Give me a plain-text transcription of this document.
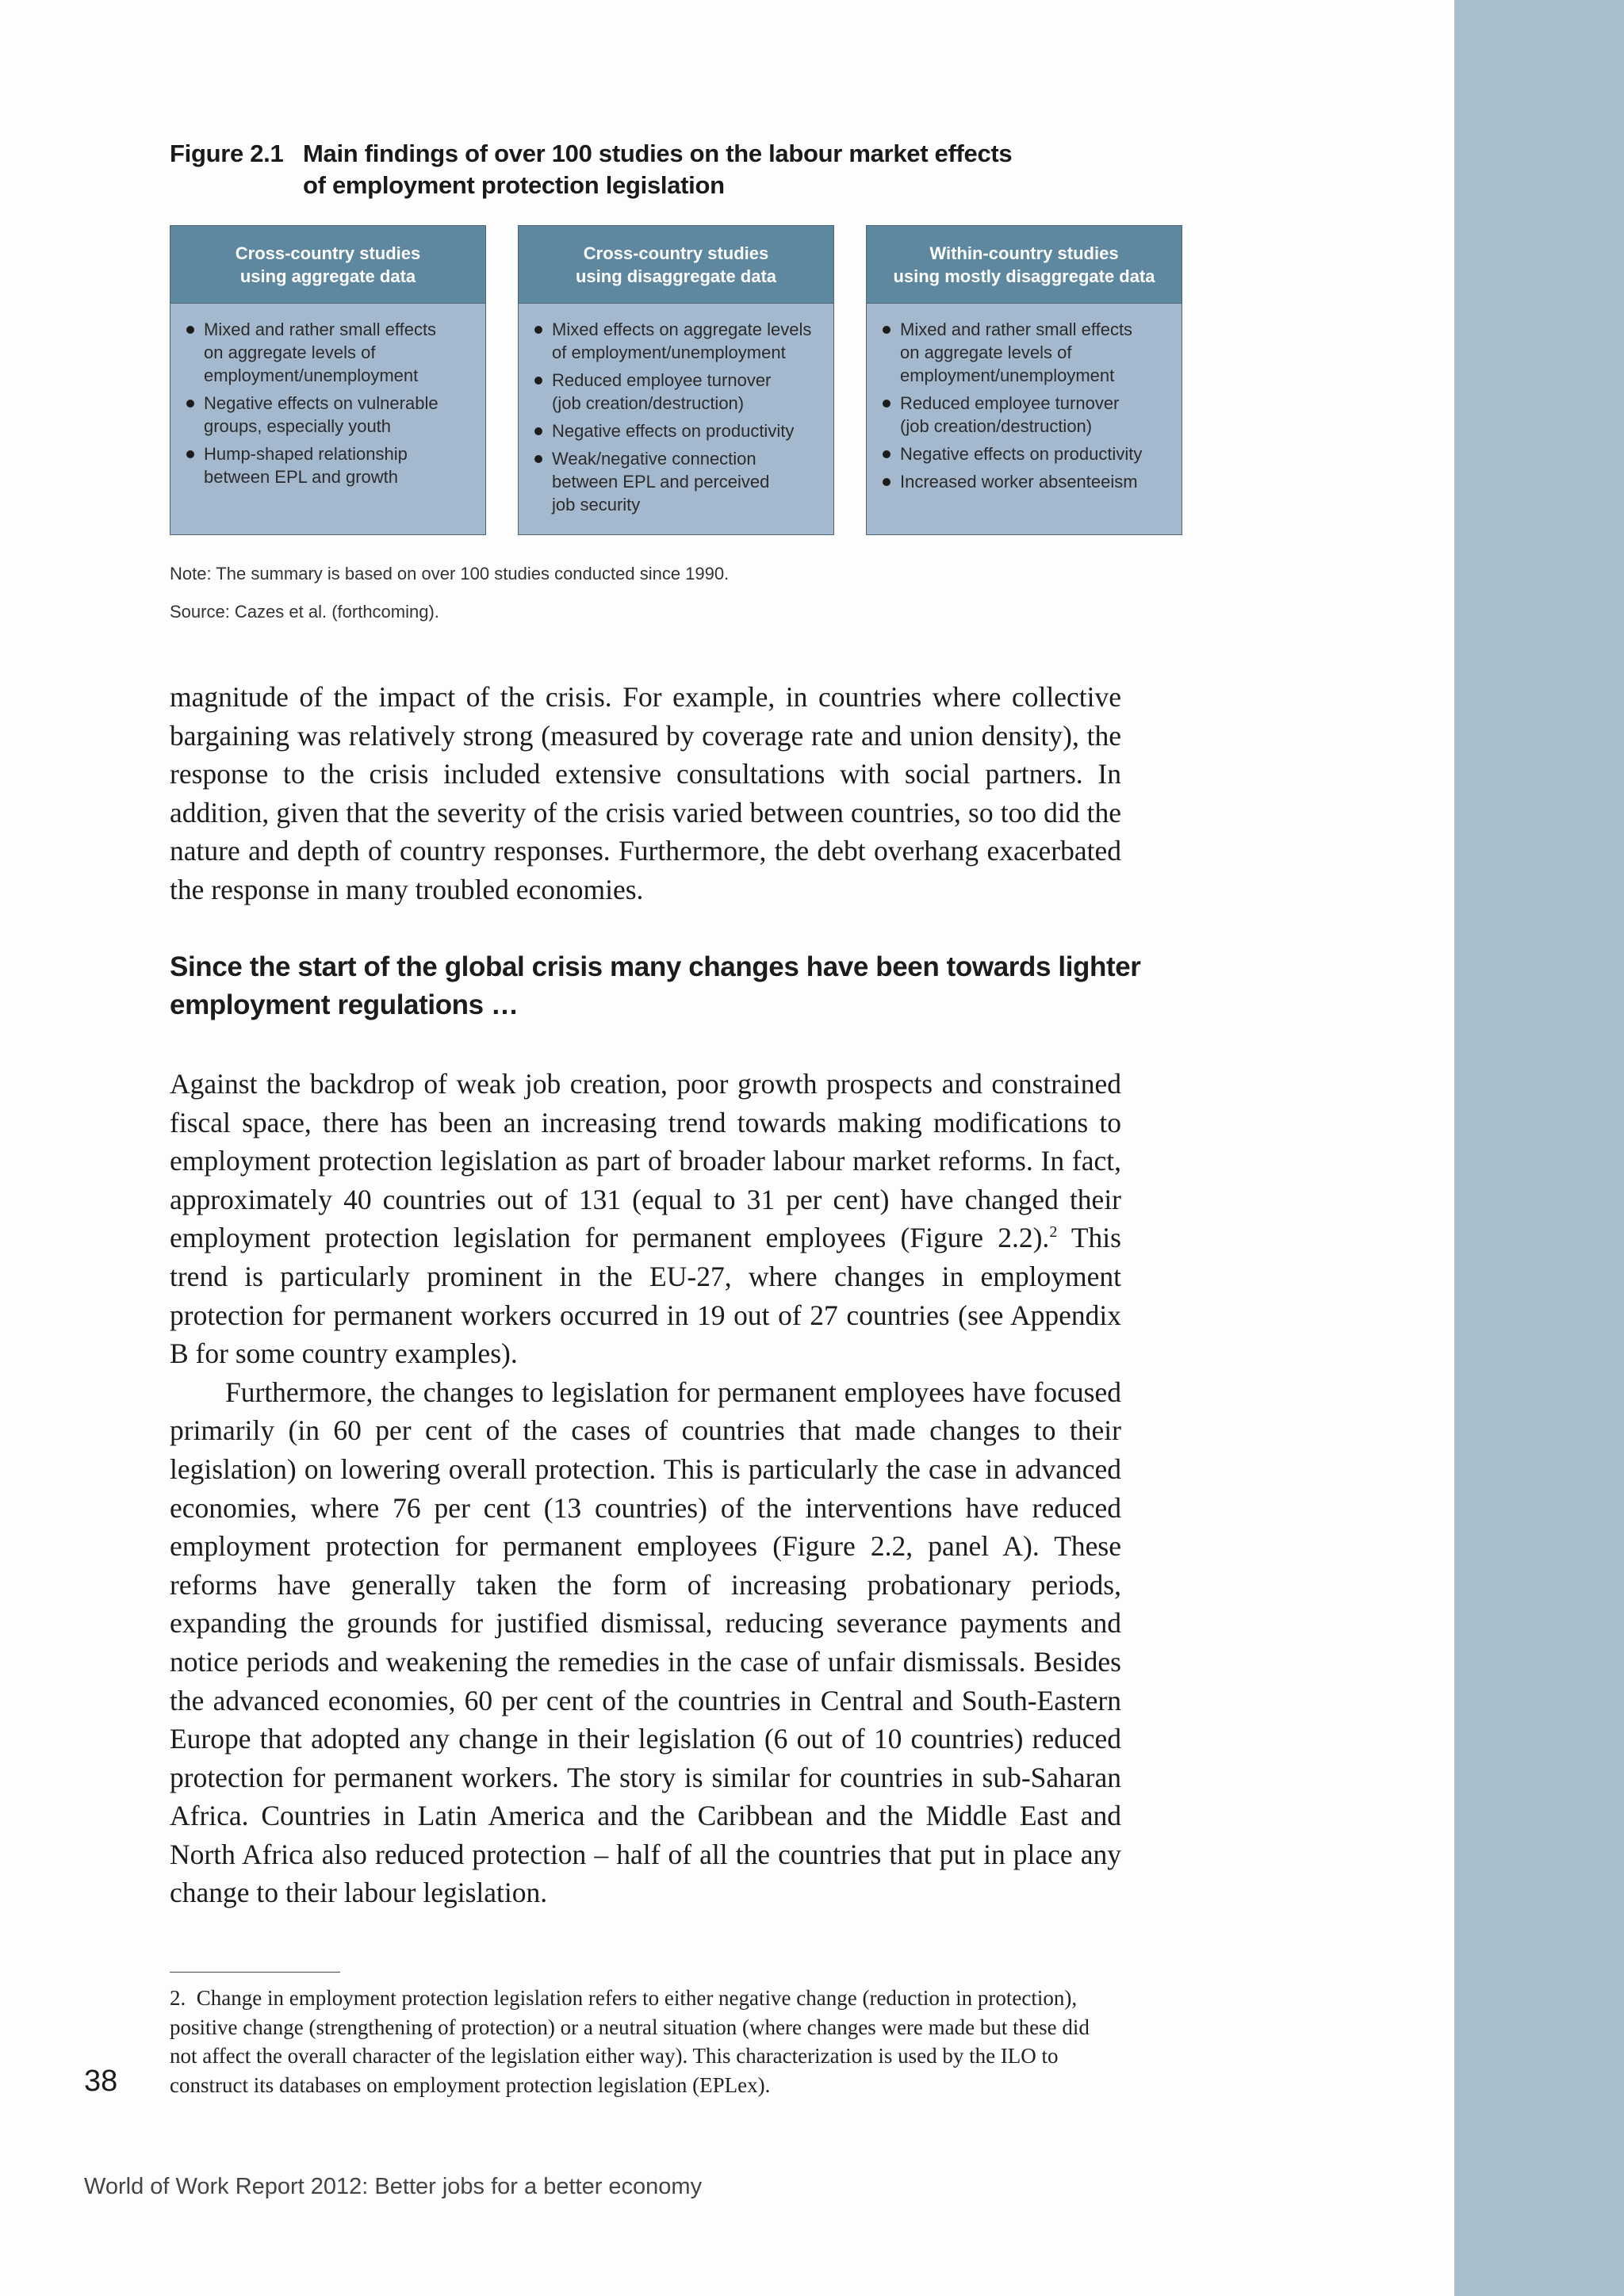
Figure 2.1 Main findings of over 100 studies on the labour market effects
of employment protection legislation
Cross-country studies
using aggregate data
Mixed and rather small effects
on aggregate levels of
employment/unemployment
Negative effects on vulnerable
groups, especially youth
Hump-shaped relationship
between EPL and growth
Cross-country studies
using disaggregate data
Mixed effects on aggregate levels
of employment/unemployment
Reduced employee turnover
(job creation/destruction)
Negative effects on productivity
Weak/negative connection
between EPL and perceived
job security
Within-country studies
using mostly disaggregate data
Mixed and rather small effects
on aggregate levels of
employment/unemployment
Reduced employee turnover
(job creation/destruction)
Negative effects on productivity
Increased worker absenteeism
Note: The summary is based on over 100 studies conducted since 1990.
Source: Cazes et al. (forthcoming).

magnitude of the impact of the crisis. For example, in countries where collective bargaining was relatively strong (measured by coverage rate and union density), the response to the crisis included extensive consultations with social partners. In addition, given that the severity of the crisis varied between countries, so too did the nature and depth of country responses. Furthermore, the debt overhang exacerbated the response in many troubled economies.

Since the start of the global crisis many changes have been towards lighter employment regulations …

Against the backdrop of weak job creation, poor growth prospects and constrained fiscal space, there has been an increasing trend towards making modifications to employment protection legislation as part of broader labour market reforms. In fact, approximately 40 countries out of 131 (equal to 31 per cent) have changed their employment protection legislation for permanent employees (Figure 2.2).$^2$ This trend is particularly prominent in the EU-27, where changes in employment protection for permanent workers occurred in 19 out of 27 countries (see Appendix B for some country examples).

Furthermore, the changes to legislation for permanent employees have focused primarily (in 60 per cent of the cases of countries that made changes to their legislation) on lowering overall protection. This is particularly the case in advanced economies, where 76 per cent (13 countries) of the interventions have reduced employment protection for permanent employees (Figure 2.2, panel A). These reforms have generally taken the form of increasing probationary periods, expanding the grounds for justified dismissal, reducing severance payments and notice periods and weakening the remedies in the case of unfair dismissals. Besides the advanced economies, 60 per cent of the countries in Central and South-Eastern Europe that adopted any change in their legislation (6 out of 10 countries) reduced protection for permanent workers. The story is similar for countries in sub-Saharan Africa. Countries in Latin America and the Caribbean and the Middle East and North Africa also reduced protection – half of all the countries that put in place any change to their labour legislation.

2. Change in employment protection legislation refers to either negative change (reduction in protection), positive change (strengthening of protection) or a neutral situation (where changes were made but these did not affect the overall character of the legislation either way). This characterization is used by the ILO to construct its databases on employment protection legislation (EPLex).
38
World of Work Report 2012: Better jobs for a better economy
